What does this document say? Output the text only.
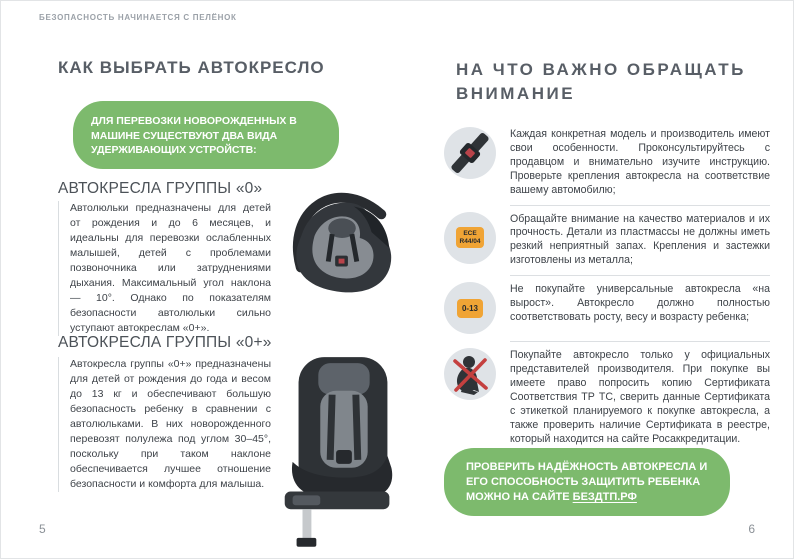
БЕЗОПАСНОСТЬ НАЧИНАЕТСЯ С ПЕЛЁНОК
КАК ВЫБРАТЬ АВТОКРЕСЛО
ДЛЯ ПЕРЕВОЗКИ НОВОРОЖДЕННЫХ В МАШИНЕ СУЩЕСТВУЮТ ДВА ВИДА УДЕРЖИВАЮЩИХ УСТРОЙСТВ:
АВТОКРЕСЛА ГРУППЫ «0»

Автолюльки предназначены для детей от рождения и до 6 месяцев, и идеальны для перевозки ослабленных малышей, детей с проблемами позвоночника или затруднениями дыхания. Максимальный угол наклона — 10°. Однако по показателям безопасности автолюльки сильно уступают автокреслам «0+».

АВТОКРЕСЛА ГРУППЫ «0+»

Автокресла группы «0+» предназначены для детей от рождения до года и весом до 13 кг и обеспечивают большую безопасность ребенку в сравнении с автолюльками. В них новорожденного перевозят полулежа под углом 30–45°, поскольку при таком наклоне обеспечивается лучшее отношение безопасности и комфорта для малыша.

5
НА ЧТО ВАЖНО ОБРАЩАТЬ ВНИМАНИЕ

Каждая конкретная модель и производитель имеют свои особенности. Проконсультируйтесь с продавцом и внимательно изучите инструкцию. Проверьте крепления автокресла на соответствие вашему автомобилю;

ECE
R44/04

Обращайте внимание на качество материалов и их прочность. Детали из пластмассы не должны иметь резкий неприятный запах. Крепления и застежки изготовлены из металла;

0-13

Не покупайте универсальные автокресла «на вырост». Автокресло должно полностью соответствовать росту, весу и возрасту ребенка;

Покупайте автокресло только у официальных представителей производителя. При покупке вы имеете право попросить копию Сертификата Соответствия ТР ТС, сверить данные Сертификата с этикеткой планируемого к покупке автокресла, а также проверить наличие Сертификата в реестре, который находится на сайте Росаккредитации.

ПРОВЕРИТЬ НАДЁЖНОСТЬ АВТОКРЕСЛА И ЕГО СПОСОБНОСТЬ ЗАЩИТИТЬ РЕБЕНКА МОЖНО НА САЙТЕ БЕЗДТП.РФ
6
